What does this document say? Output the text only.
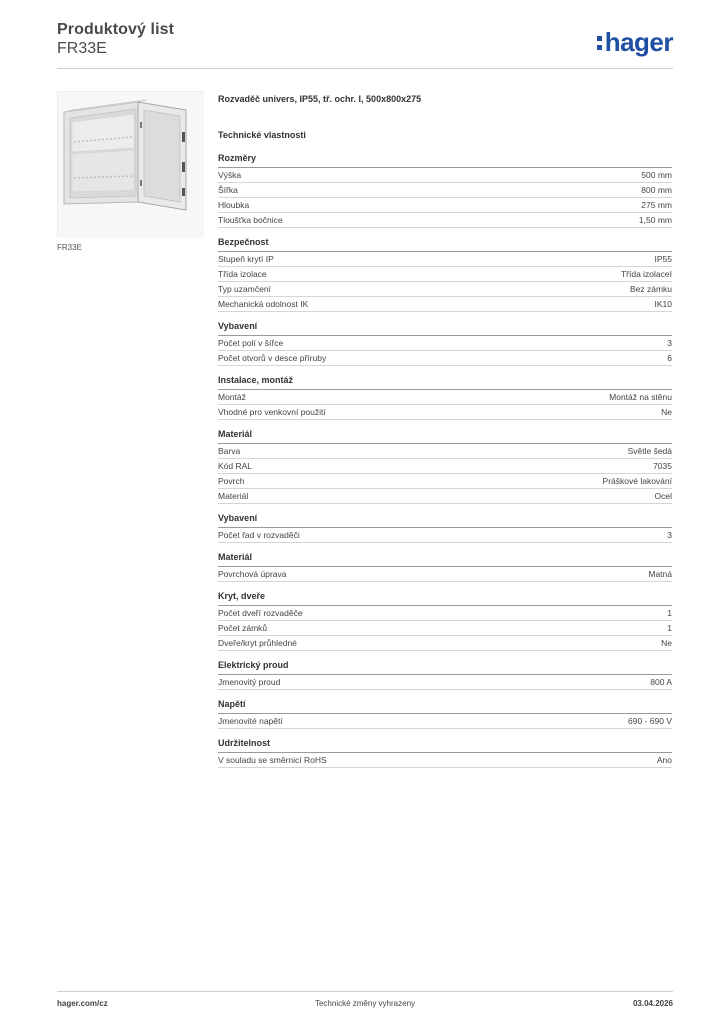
Produktový list
FR33E	hager
FR33E
Rozvaděč univers, IP55, tř. ochr. I, 500x800x275
Technické vlastnosti
Rozměry
Výška	500 mm
Šířka	800 mm
Hloubka	275 mm
Tloušťka bočnice	1,50 mm
Bezpečnost
Stupeň krytí IP	IP55
Třída izolace	Třída izolaceI
Typ uzamčení	Bez zámku
Mechanická odolnost IK	IK10
Vybavení
Počet polí v šířce	3
Počet otvorů v desce příruby	6
Instalace, montáž
Montáž	Montáž na stěnu
Vhodné pro venkovní použití	Ne
Materiál
Barva	Světle šedá
Kód RAL	7035
Povrch	Práškové lakování
Materiál	Ocel
Vybavení
Počet řad v rozvaděči	3
Materiál
Povrchová úprava	Matná
Kryt, dveře
Počet dveří rozvaděče	1
Počet zámků	1
Dveře/kryt průhledné	Ne
Elektrický proud
Jmenovitý proud	800 A
Napětí
Jmenovité napětí	690 - 690 V
Udržitelnost
V souladu se směrnicí RoHS	Ano
hager.com/cz	Technické změny vyhrazeny	03.04.2026
